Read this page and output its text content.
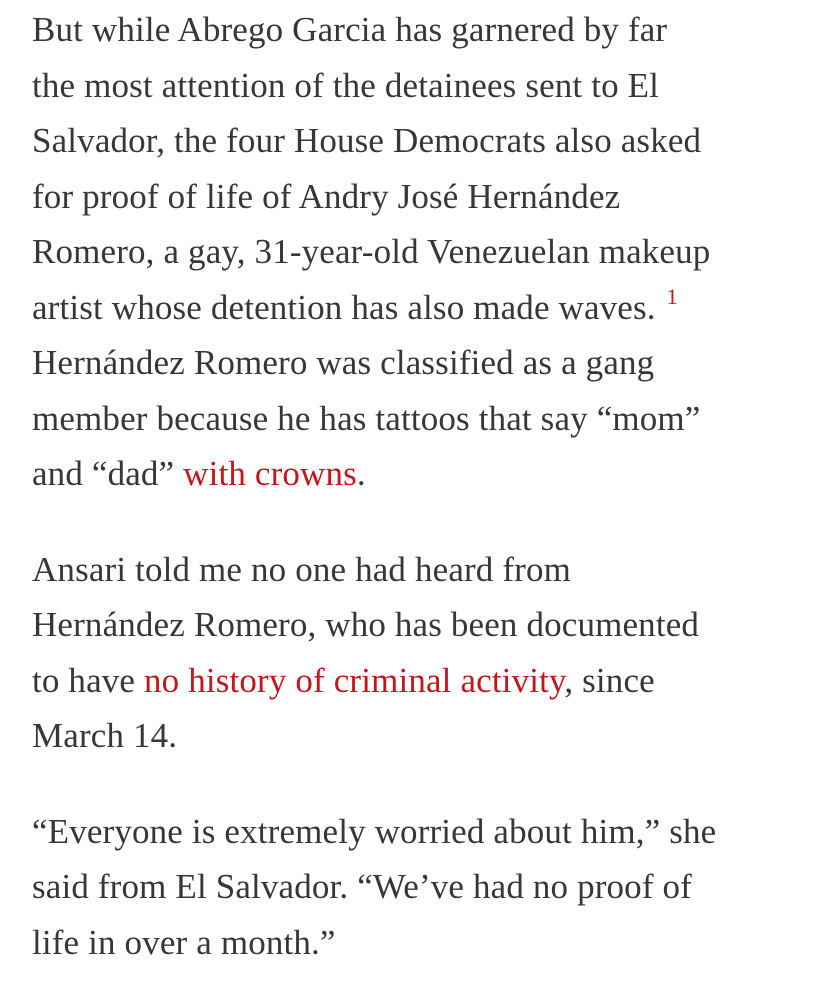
But while Abrego Garcia has garnered by far
the most attention of the detainees sent to El
Salvador, the four House Democrats also asked
for proof of life of Andry José Hernández
Romero, a gay, 31-year-old Venezuelan makeup
artist whose detention has also made waves. $^1$
Hernández Romero was classified as a gang
member because he has tattoos that say “mom”
and “dad” with crowns.

Ansari told me no one had heard from
Hernández Romero, who has been documented
to have no history of criminal activity, since
March 14.

“Everyone is extremely worried about him,” she
said from El Salvador. “We’ve had no proof of
life in over a month.”
